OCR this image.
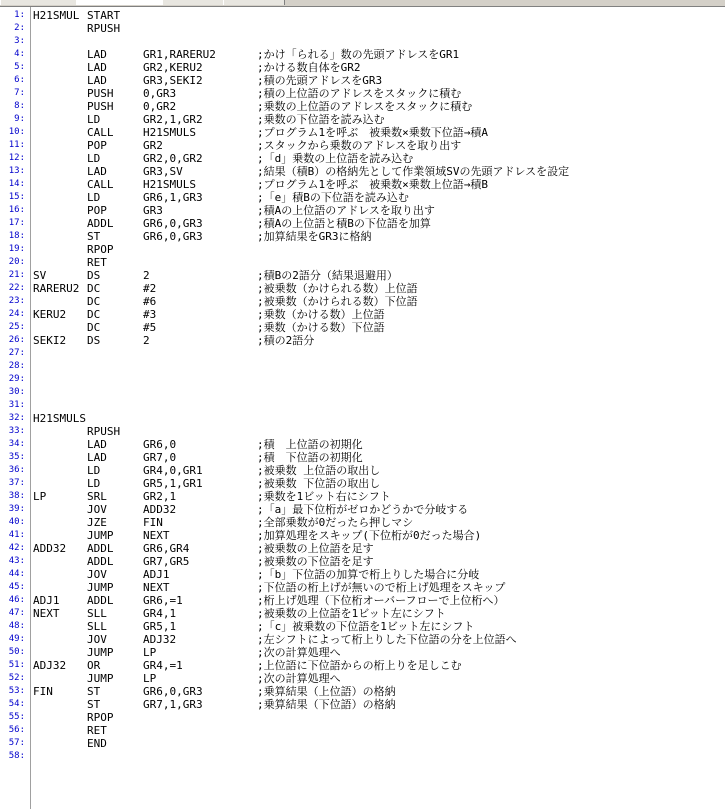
1 :
2 :
3 :
4 :
5 :
6 :
7 :
8 :
9 :
10 :
11 :
12 :
13 :
14 :
15 :
16 :
17 :
18 :
19 :
20 :
21 :
22 :
23 :
24 :
25 :
26 :
27 :
28 :
29 :
30 :
31 :
32 :
33 :
34 :
35 :
36 :
37 :
38 :
39 :
40 :
41 :
42 :
43 :
44 :
45 :
46 :
47 :
48 :
49 :
50 :
51 :
52 :
53 :
54 :
55 :
56 :
57 :
58 :
H21SMUL START
RPUSH
LAD	GR1,RARERU2	;かけ「られる」数の先頭アドレスをGR1
LAD	GR2,KERU2	;かける数自体をGR2
LAD	GR3,SEKI2	;積の先頭アドレスをGR3
PUSH	0,GR3	;積の上位語のアドレスをスタックに積む
PUSH	0,GR2	;乗数の上位語のアドレスをスタックに積む
LD	GR2,1,GR2	;乗数の下位語を読み込む
CALL	H21SMULS	;プログラム1を呼ぶ　被乗数×乗数下位語→積A
POP	GR2	;スタックから乗数のアドレスを取り出す
LD	GR2,0,GR2	;「d」乗数の上位語を読み込む
LAD	GR3,SV	;結果（積B）の格納先として作業領域SVの先頭アドレスを設定
CALL	H21SMULS	;プログラム1を呼ぶ　被乗数×乗数上位語→積B
LD	GR6,1,GR3	;「e」積Bの下位語を読み込む
POP	GR3	;積Aの上位語のアドレスを取り出す
ADDL	GR6,0,GR3	;積Aの上位語と積Bの下位語を加算
ST	GR6,0,GR3	;加算結果をGR3に格納
RPOP
RET
SV	DS	2	;積Bの2語分（結果退避用）
RARERU2 DC	#2	;被乗数（かけられる数）上位語
DC	#6	;被乗数（かけられる数）下位語
KERU2 DC	#3	;乗数（かける数）上位語
DC	#5	;乗数（かける数）下位語
SEKI2 DS	2	;積の2語分
H21SMULS
RPUSH
LAD	GR6,0	;積　上位語の初期化
LAD	GR7,0	;積　下位語の初期化
LD	GR4,0,GR1	;被乗数 上位語の取出し
LD	GR5,1,GR1	;被乗数 下位語の取出し
LP	SRL	GR2,1	;乗数を1ビット右にシフト
JOV	ADD32	;「a」最下位桁がゼロかどうかで分岐する
JZE	FIN	;全部乗数が0だったら押しマシ
JUMP	NEXT	;加算処理をスキップ(下位桁が0だった場合)
ADD32 ADDL	GR6,GR4	;被乗数の上位語を足す
ADDL	GR7,GR5	;被乗数の下位語を足す
JOV	ADJ1	;「b」下位語の加算で桁上りした場合に分岐
JUMP	NEXT	;下位語の桁上げが無いので桁上げ処理をスキップ
ADJ1	ADDL	GR6,=1	;桁上げ処理（下位桁オーバーフローで上位桁へ）
NEXT	SLL	GR4,1	;被乗数の上位語を1ビット左にシフト
SLL	GR5,1	;「c」被乗数の下位語を1ビット左にシフト
JOV	ADJ32	;左シフトによって桁上りした下位語の分を上位語へ
JUMP	LP	;次の計算処理へ
ADJ32 OR	GR4,=1	;上位語に下位語からの桁上りを足しこむ
JUMP	LP	;次の計算処理へ
FIN	ST	GR6,0,GR3	;乗算結果（上位語）の格納
ST	GR7,1,GR3	;乗算結果（下位語）の格納
RPOP
RET
END
